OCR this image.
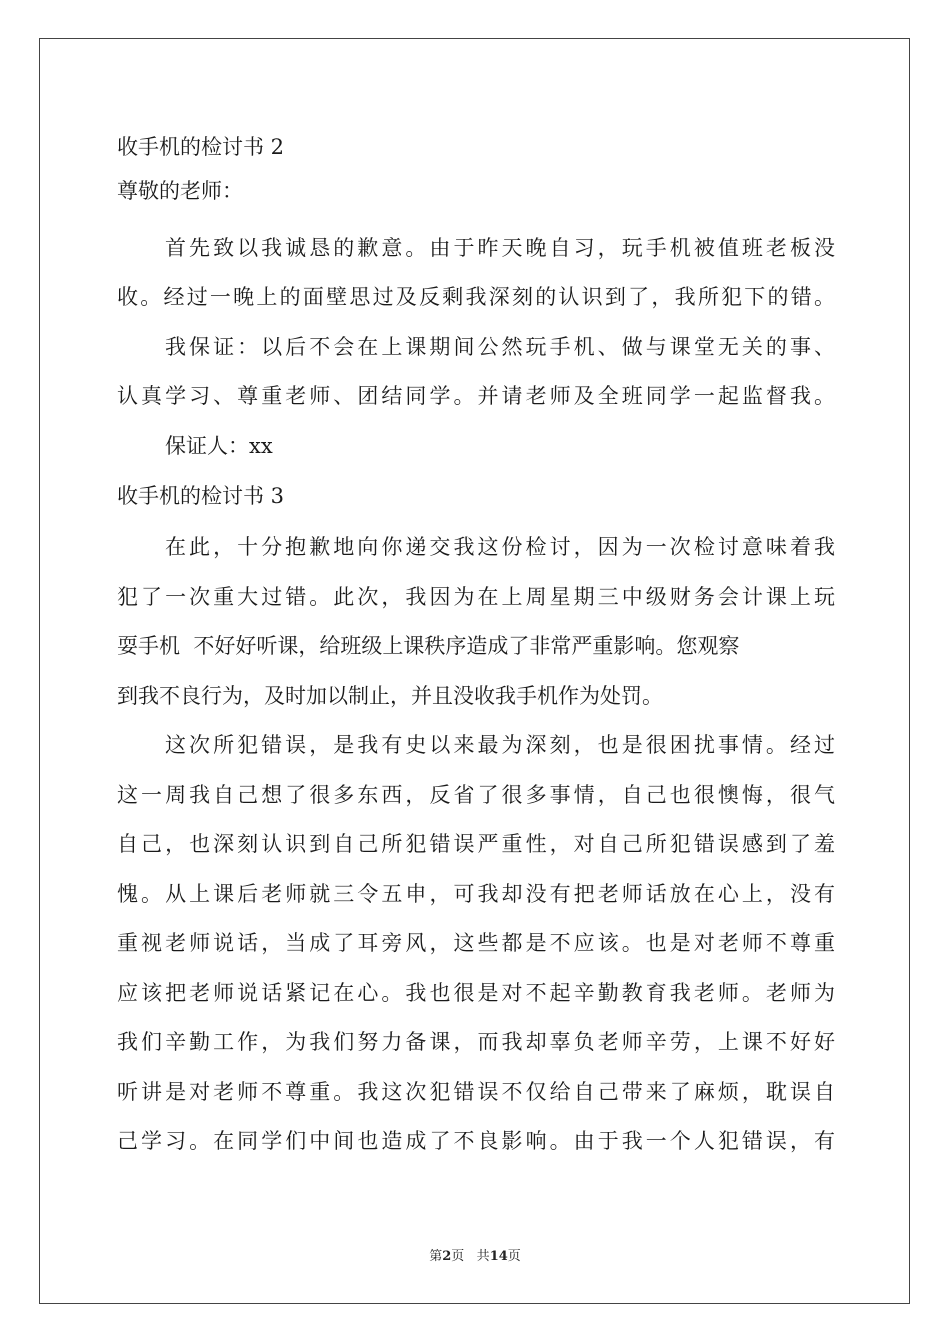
收手机的检讨书 2
尊敬的老师：
首先致以我诚恳的歉意。由于昨天晚自习，玩手机被值班老板没
收。经过一晚上的面壁思过及反剩我深刻的认识到了，我所犯下的错。
我保证：以后不会在上课期间公然玩手机、做与课堂无关的事、
认真学习、尊重老师、团结同学。并请老师及全班同学一起监督我。
保证人：xx
收手机的检讨书 3
在此，十分抱歉地向你递交我这份检讨，因为一次检讨意味着我
犯了一次重大过错。此次，我因为在上周星期三中级财务会计课上玩
耍手机  不好好听课，给班级上课秩序造成了非常严重影响。您观察
到我不良行为，及时加以制止，并且没收我手机作为处罚。
这次所犯错误，是我有史以来最为深刻，也是很困扰事情。经过
这一周我自己想了很多东西，反省了很多事情，自己也很懊悔，很气
自己，也深刻认识到自己所犯错误严重性，对自己所犯错误感到了羞
愧。从上课后老师就三令五申，可我却没有把老师话放在心上，没有
重视老师说话，当成了耳旁风，这些都是不应该。也是对老师不尊重
应该把老师说话紧记在心。我也很是对不起辛勤教育我老师。老师为
我们辛勤工作，为我们努力备课，而我却辜负老师辛劳，上课不好好
听讲是对老师不尊重。我这次犯错误不仅给自己带来了麻烦，耽误自
己学习。在同学们中间也造成了不良影响。由于我一个人犯错误，有
第2页 共14页
